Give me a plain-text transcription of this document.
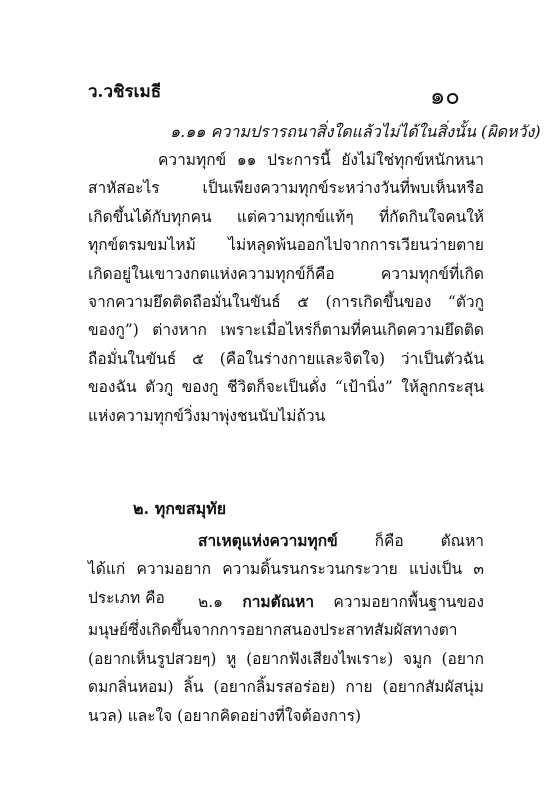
ว.วชิรเมธี	๑๐
๑.๑๑ ความปรารถนาสิ่งใดแล้วไม่ได้ในสิ่งนั้น (ผิดหวัง)
ความทุกข์ ๑๑ ประการนี้ ยังไม่ใช่ทุกข์หนักหนา
สาหัสอะไร เป็นเพียงความทุกข์ระหว่างวันที่พบเห็นหรือ
เกิดขึ้นได้กับทุกคน แต่ความทุกข์แท้ๆ ที่กัดกินใจคนให้
ทุกข์ตรมขมไหม้ ไม่หลุดพ้นออกไปจากการเวียนว่ายตาย
เกิดอยู่ในเขาวงกตแห่งความทุกข์ก็คือ ความทุกข์ที่เกิด
จากความยึดติดถือมั่นในขันธ์ ๕ (การเกิดขึ้นของ “ตัวกู
ของกู”) ต่างหาก เพราะเมื่อไหร่ก็ตามที่คนเกิดความยึดติด
ถือมั่นในขันธ์ ๕ (คือในร่างกายและจิตใจ) ว่าเป็นตัวฉัน
ของฉัน ตัวกู ของกู ชีวิตก็จะเป็นดั่ง “เป้านิ่ง” ให้ลูกกระสุน
แห่งความทุกข์วิ่งมาพุ่งชนนับไม่ถ้วน
๒. ทุกขสมุทัย
สาเหตุแห่งความทุกข์ ก็คือ ตัณหา
ได้แก่ ความอยาก ความดิ้นรนกระวนกระวาย แบ่งเป็น ๓
ประเภท คือ	๒.๑ กามตัณหา ความอยากพื้นฐานของ
มนุษย์ซึ่งเกิดขึ้นจากการอยากสนองประสาทสัมผัสทางตา
(อยากเห็นรูปสวยๆ) หู (อยากฟังเสียงไพเราะ) จมูก (อยาก
ดมกลิ่นหอม) ลิ้น (อยากลิ้มรสอร่อย) กาย (อยากสัมผัสนุ่ม
นวล) และใจ (อยากคิดอย่างที่ใจต้องการ)
